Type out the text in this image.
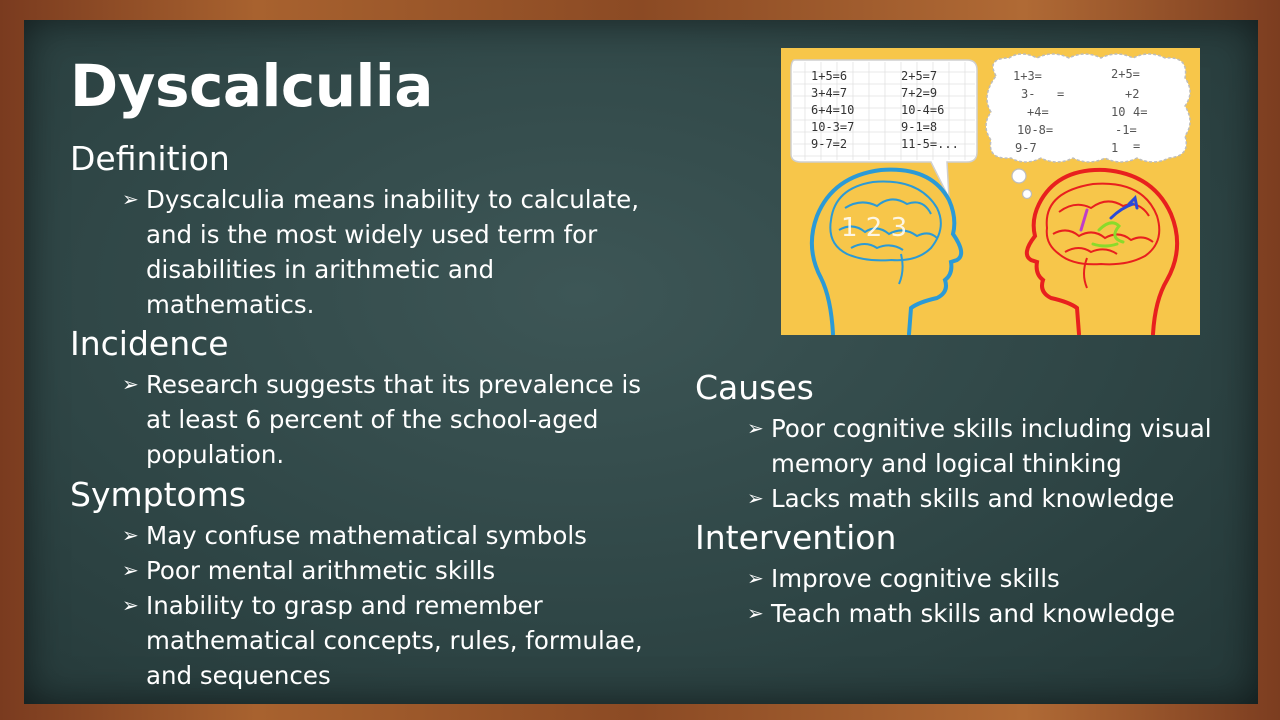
Dyscalculia
Definition
➢ Dyscalculia means inability to calculate, and is the most widely used term for disabilities in arithmetic and mathematics.
Incidence
➢ Research suggests that its prevalence is at least 6 percent of the school-aged population.
Symptoms
➢ May confuse mathematical symbols
➢ Poor mental arithmetic skills
➢ Inability to grasp and remember mathematical concepts, rules, formulae, and sequences
Causes
➢ Poor cognitive skills including visual memory and logical thinking
➢ Lacks math skills and knowledge
Intervention
➢ Improve cognitive skills
➢ Teach math skills and knowledge
1+5=6	2+5=7
3+4=7	7+2=9
6+4=10	10-4=6
10-3=7	9-1=8
9-7=2	11-5=...
1+3=	2+5=
3- =	+2
+4=	10 4=
10-8=	-1=
9-7	1 =
1 2 3
